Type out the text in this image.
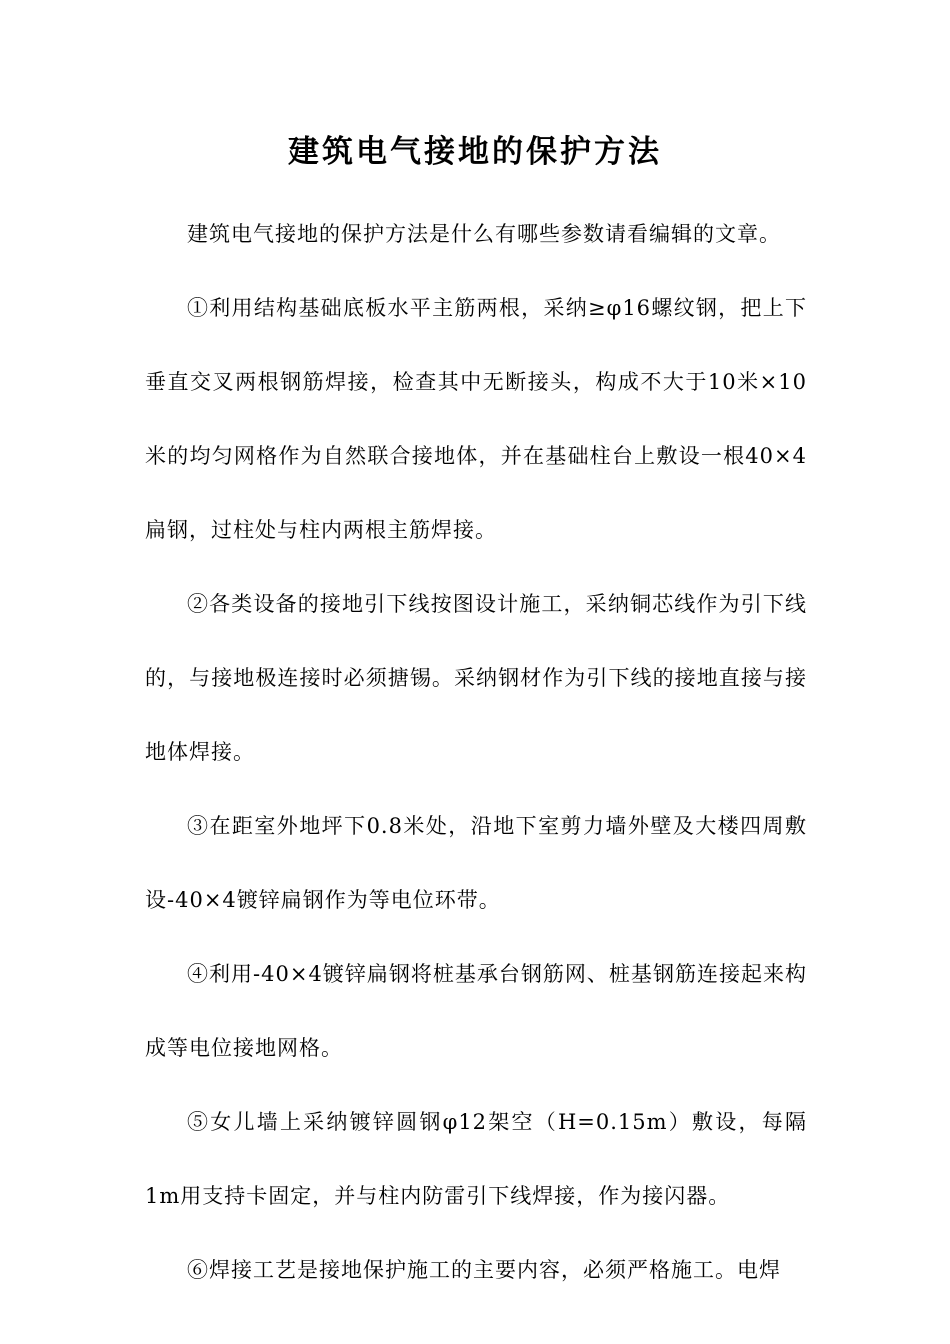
建筑电气接地的保护方法

建筑电气接地的保护方法是什么有哪些参数请看编辑的文章。

①利用结构基础底板水平主筋两根，采纳≥φ16螺纹钢，把上下垂直交叉两根钢筋焊接，检查其中无断接头，构成不大于10米×10米的均匀网格作为自然联合接地体，并在基础柱台上敷设一根40×4扁钢，过柱处与柱内两根主筋焊接。

②各类设备的接地引下线按图设计施工，采纳铜芯线作为引下线的，与接地极连接时必须搪锡。采纳钢材作为引下线的接地直接与接地体焊接。

③在距室外地坪下0.8米处，沿地下室剪力墙外壁及大楼四周敷设-40×4镀锌扁钢作为等电位环带。

④利用-40×4镀锌扁钢将桩基承台钢筋网、桩基钢筋连接起来构成等电位接地网格。

⑤女儿墙上采纳镀锌圆钢φ12架空（H=0.15m）敷设，每隔1m用支持卡固定，并与柱内防雷引下线焊接，作为接闪器。

⑥焊接工艺是接地保护施工的主要内容，必须严格施工。电焊
